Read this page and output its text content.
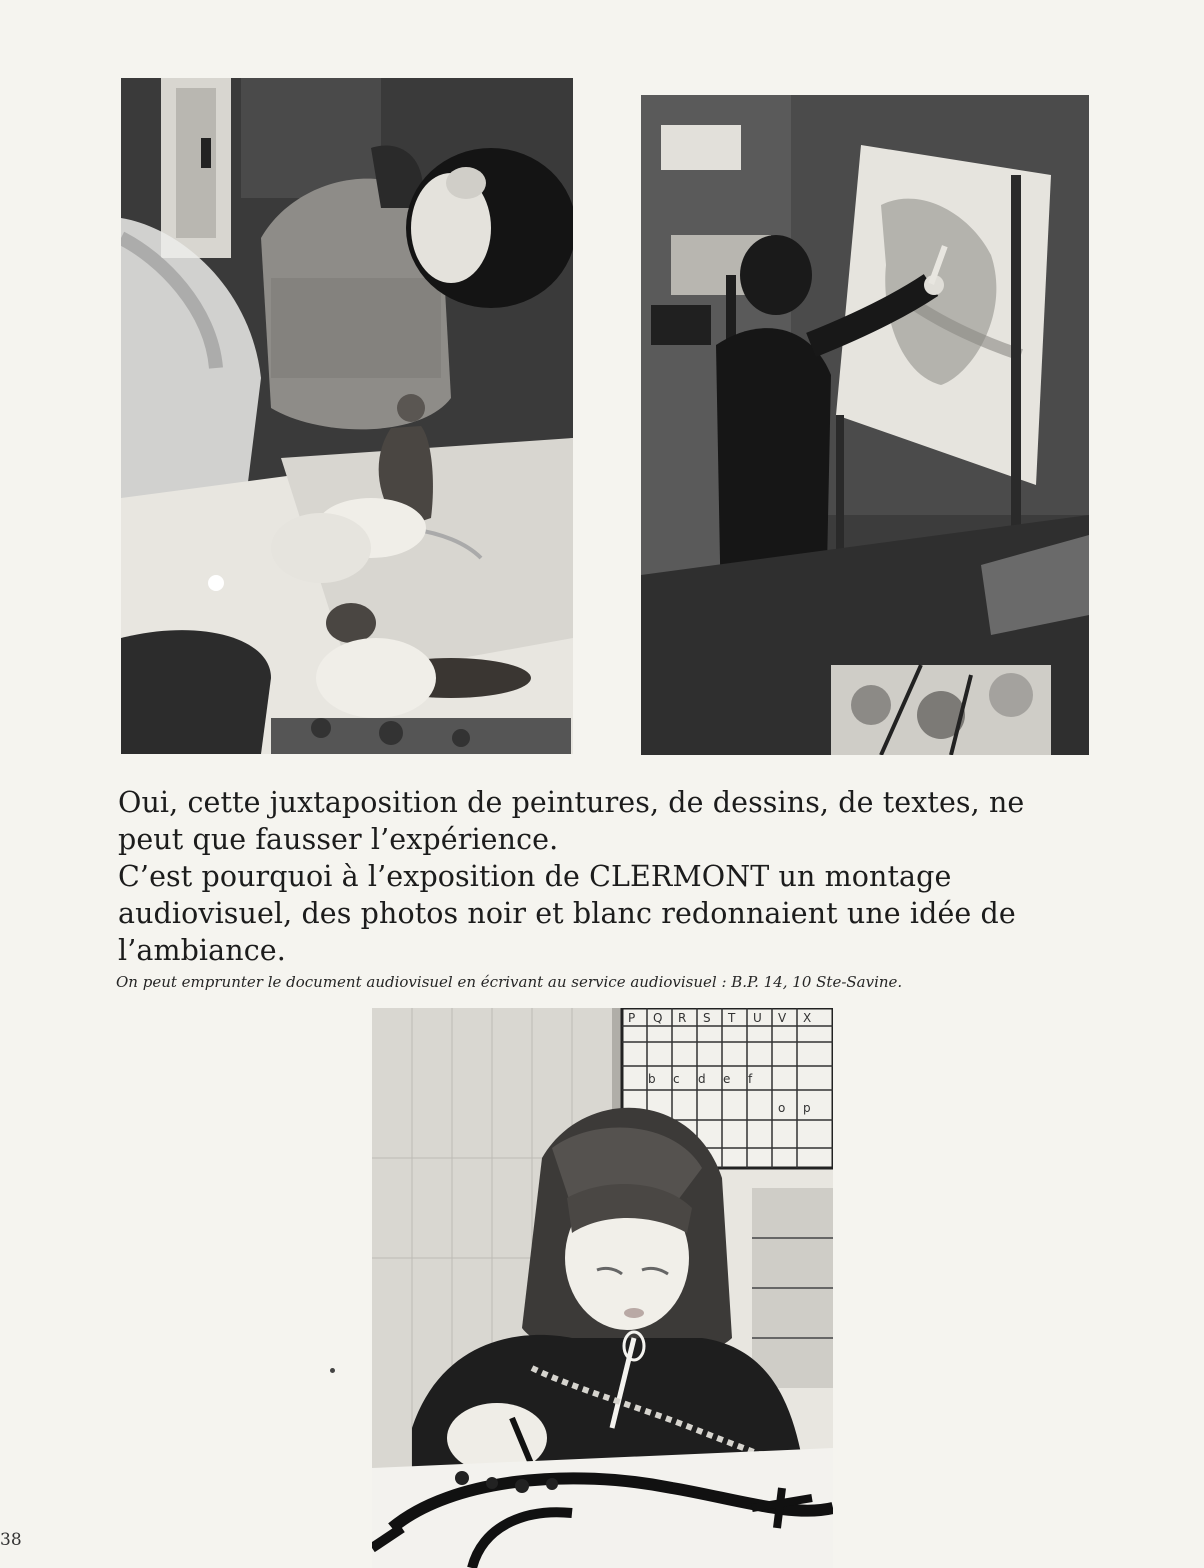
Oui, cette juxtaposition de peintures, de dessins, de textes, ne
peut que fausser l’expérience.
C’est pourquoi à l’exposition de CLERMONT un montage
audiovisuel, des photos noir et blanc redonnaient une idée de
l’ambiance.

On peut emprunter le document audiovisuel en écrivant au service audiovisuel : B.P. 14, 10 Ste-Savine.

P Q R S T U V X
b c d e f
o p
38
